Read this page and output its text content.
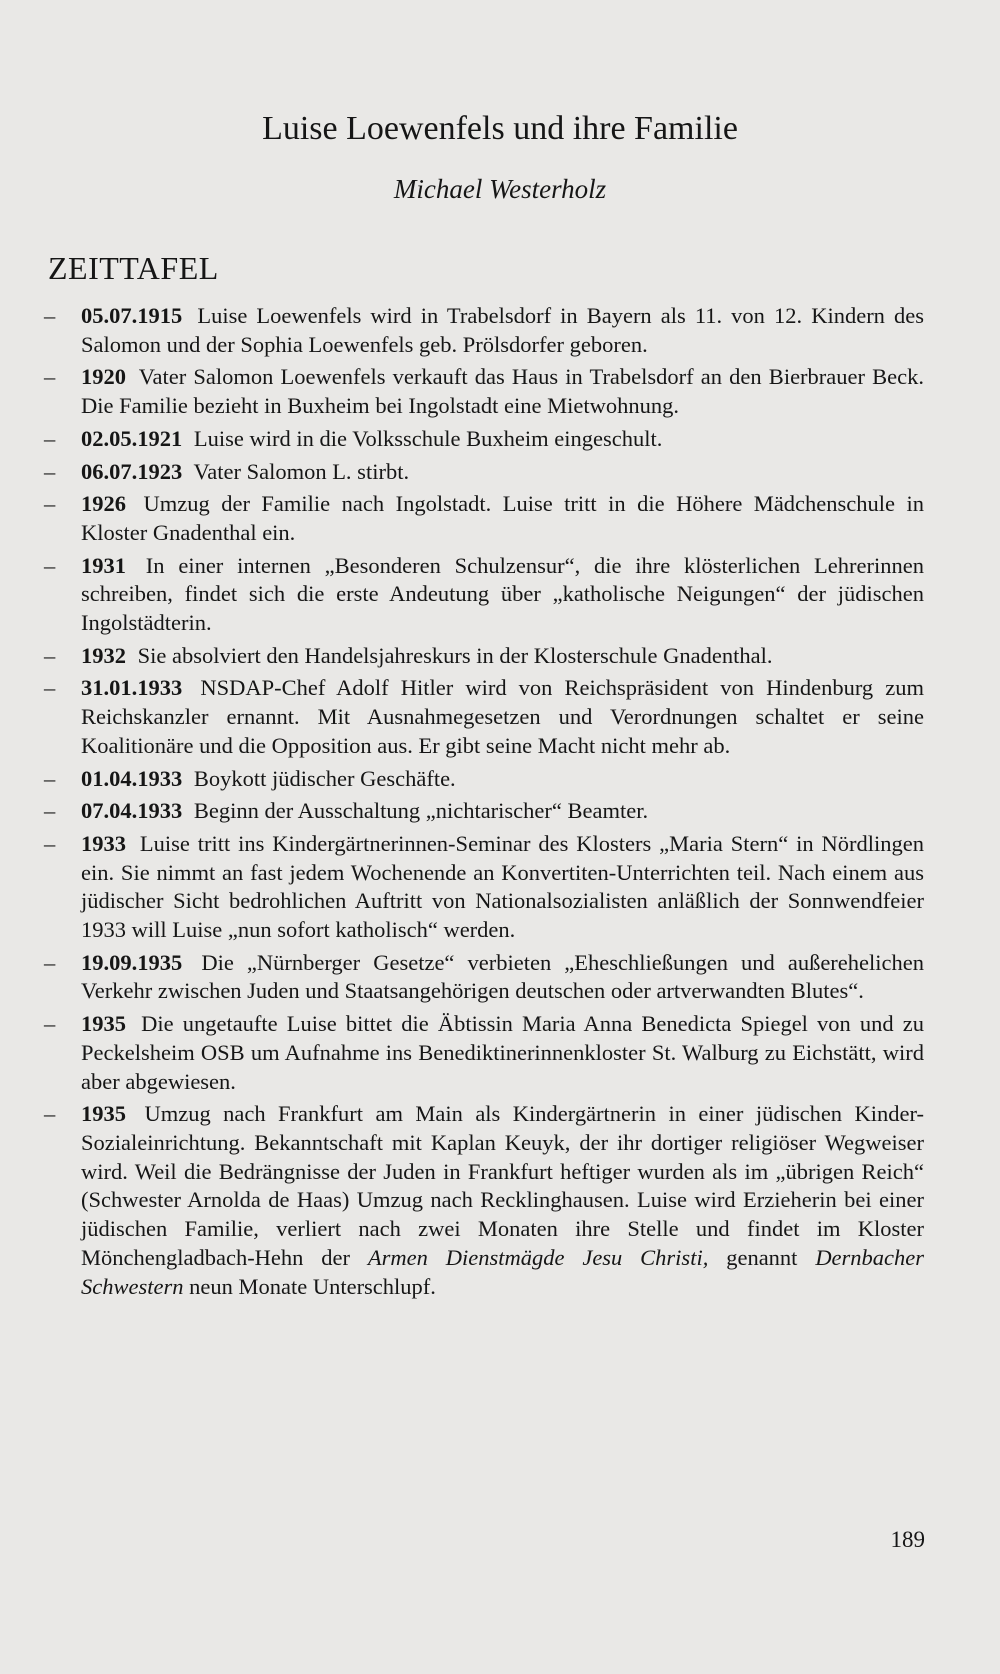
Luise Loewenfels und ihre Familie
Michael Westerholz
ZEITTAFEL
– 05.07.1915 Luise Loewenfels wird in Trabelsdorf in Bayern als 11. von 12. Kindern des Salomon und der Sophia Loewenfels geb. Prölsdorfer geboren.
– 1920 Vater Salomon Loewenfels verkauft das Haus in Trabelsdorf an den Bierbrauer Beck. Die Familie bezieht in Buxheim bei Ingolstadt eine Mietwohnung.
– 02.05.1921 Luise wird in die Volksschule Buxheim eingeschult.
– 06.07.1923 Vater Salomon L. stirbt.
– 1926 Umzug der Familie nach Ingolstadt. Luise tritt in die Höhere Mädchenschule in Kloster Gnadenthal ein.
– 1931 In einer internen „Besonderen Schulzensur“, die ihre klösterlichen Lehrerinnen schreiben, findet sich die erste Andeutung über „katholische Neigungen“ der jüdischen Ingolstädterin.
– 1932 Sie absolviert den Handelsjahreskurs in der Klosterschule Gnadenthal.
– 31.01.1933 NSDAP-Chef Adolf Hitler wird von Reichspräsident von Hindenburg zum Reichskanzler ernannt. Mit Ausnahmegesetzen und Verordnungen schaltet er seine Koalitionäre und die Opposition aus. Er gibt seine Macht nicht mehr ab.
– 01.04.1933 Boykott jüdischer Geschäfte.
– 07.04.1933 Beginn der Ausschaltung „nichtarischer“ Beamter.
– 1933 Luise tritt ins Kindergärtnerinnen-Seminar des Klosters „Maria Stern“ in Nördlingen ein. Sie nimmt an fast jedem Wochenende an Konvertiten-Unterrichten teil. Nach einem aus jüdischer Sicht bedrohlichen Auftritt von Nationalsozialisten anläßlich der Sonnwendfeier 1933 will Luise „nun sofort katholisch“ werden.
– 19.09.1935 Die „Nürnberger Gesetze“ verbieten „Eheschließungen und außerehelichen Verkehr zwischen Juden und Staatsangehörigen deutschen oder artverwandten Blutes“.
– 1935 Die ungetaufte Luise bittet die Äbtissin Maria Anna Benedicta Spiegel von und zu Peckelsheim OSB um Aufnahme ins Benediktinerinnenkloster St. Walburg zu Eichstätt, wird aber abgewiesen.
– 1935 Umzug nach Frankfurt am Main als Kindergärtnerin in einer jüdischen Kinder-Sozialeinrichtung. Bekanntschaft mit Kaplan Keuyk, der ihr dortiger religiöser Wegweiser wird. Weil die Bedrängnisse der Juden in Frankfurt heftiger wurden als im „übrigen Reich“ (Schwester Arnolda de Haas) Umzug nach Recklinghausen. Luise wird Erzieherin bei einer jüdischen Familie, verliert nach zwei Monaten ihre Stelle und findet im Kloster Mönchengladbach-Hehn der Armen Dienstmägde Jesu Christi, genannt Dernbacher Schwestern neun Monate Unterschlupf.
189
